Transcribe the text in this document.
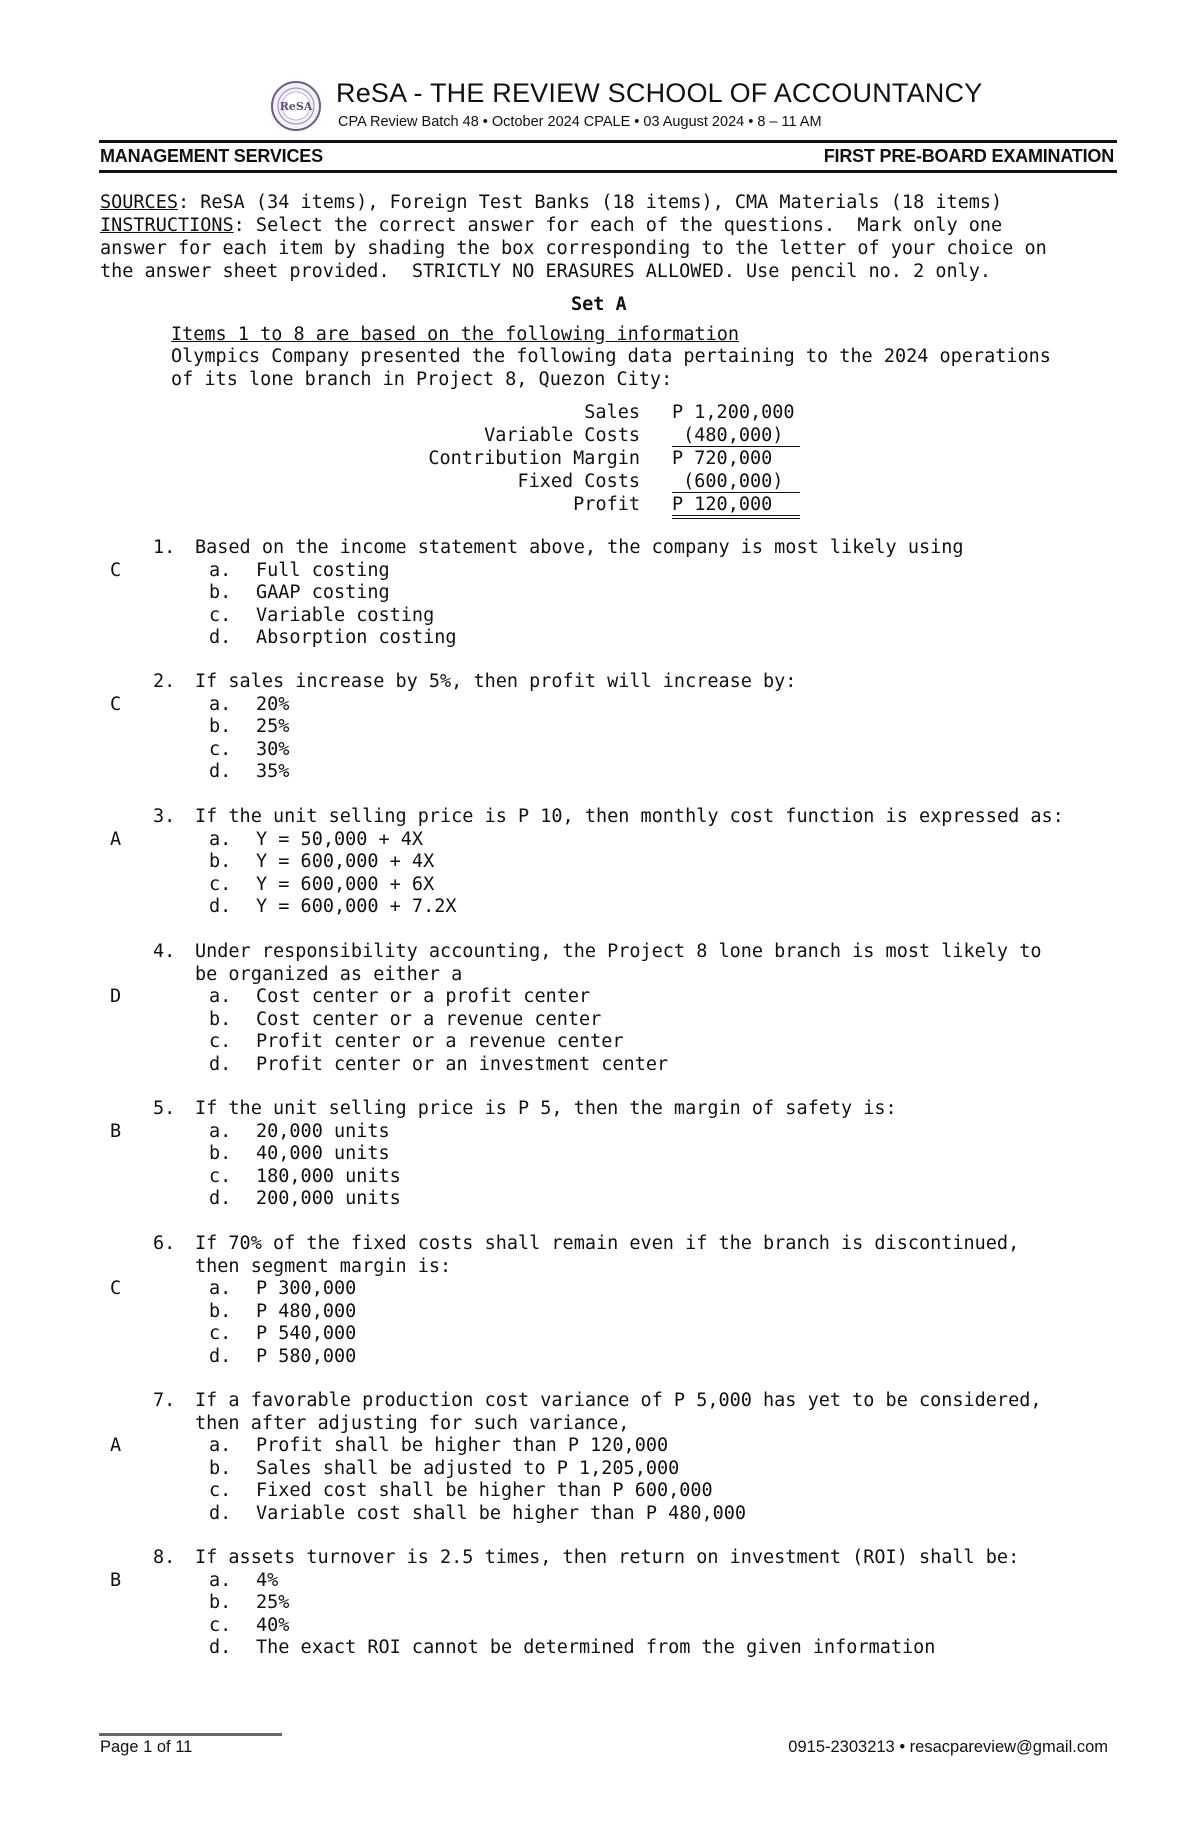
ReSA ReSA - THE REVIEW SCHOOL OF ACCOUNTANCY
CPA Review Batch 48 • October 2024 CPALE • 03 August 2024 • 8 – 11 AM
MANAGEMENT SERVICES	FIRST PRE-BOARD EXAMINATION
SOURCES: ReSA (34 items), Foreign Test Banks (18 items), CMA Materials (18 items)
INSTRUCTIONS: Select the correct answer for each of the questions.  Mark only one
answer for each item by shading the box corresponding to the letter of your choice on
the answer sheet provided.  STRICTLY NO ERASURES ALLOWED. Use pencil no. 2 only.
Set A
Items 1 to 8 are based on the following information
Olympics Company presented the following data pertaining to the 2024 operations
of its lone branch in Project 8, Quezon City:
Sales P 1,200,000
Variable Costs (480,000)
Contribution Margin P 720,000
Fixed Costs (600,000)
Profit P 120,000
1. Based on the income statement above, the company is most likely using
C	a. Full costing
b. GAAP costing
c. Variable costing
d. Absorption costing
2. If sales increase by 5%, then profit will increase by:
C	a. 20%
b. 25%
c. 30%
d. 35%
3. If the unit selling price is P 10, then monthly cost function is expressed as:
A	a. Y = 50,000 + 4X
b. Y = 600,000 + 4X
c. Y = 600,000 + 6X
d. Y = 600,000 + 7.2X
4. Under responsibility accounting, the Project 8 lone branch is most likely to
be organized as either a
D	a. Cost center or a profit center
b. Cost center or a revenue center
c. Profit center or a revenue center
d. Profit center or an investment center
5. If the unit selling price is P 5, then the margin of safety is:
B	a. 20,000 units
b. 40,000 units
c. 180,000 units
d. 200,000 units
6. If 70% of the fixed costs shall remain even if the branch is discontinued,
then segment margin is:
C	a. P 300,000
b. P 480,000
c. P 540,000
d. P 580,000
7. If a favorable production cost variance of P 5,000 has yet to be considered,
then after adjusting for such variance,
A	a. Profit shall be higher than P 120,000
b. Sales shall be adjusted to P 1,205,000
c. Fixed cost shall be higher than P 600,000
d. Variable cost shall be higher than P 480,000
8. If assets turnover is 2.5 times, then return on investment (ROI) shall be:
B	a. 4%
b. 25%
c. 40%
d. The exact ROI cannot be determined from the given information
Page 1 of 11	0915-2303213 • resacpareview@gmail.com
